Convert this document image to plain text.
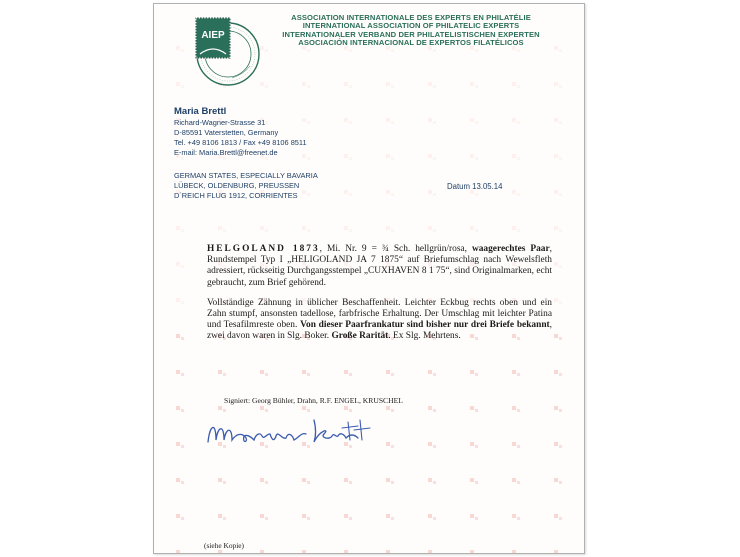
AIEP
ASSOCIATION INTERNATIONALE DES EXPERTS EN PHILATÉLIE
INTERNATIONAL ASSOCIATION OF PHILATELIC EXPERTS
INTERNATIONALER VERBAND DER PHILATELISTISCHEN EXPERTEN
ASOCIACIÓN INTERNACIONAL DE EXPERTOS FILATÉLICOS
Maria Brettl
Richard-Wagner-Strasse 31
D-85591 Vaterstetten, Germany
Tel. +49 8106 1813 / Fax +49 8106 8511
E-mail: Maria.Brettl@freenet.de
GERMAN STATES, ESPECIALLY BAVARIA
LÜBECK, OLDENBURG, PREUSSEN
D´REICH FLUG 1912, CORRIENTES
Datum 13.05.14

HELGOLAND 1873, Mi. Nr. 9 = ¾ Sch. hellgrün/rosa, waagerechtes Paar, Rundstempel Typ I „HELIGOLAND JA 7 1875“ auf Briefumschlag nach Wewelsfleth adressiert, rückseitig Durchgangsstempel „CUXHAVEN 8 1 75“, sind Originalmarken, echt gebraucht, zum Brief gehörend.

Vollständige Zähnung in üblicher Beschaffenheit. Leichter Eckbug rechts oben und ein Zahn stumpf, ansonsten tadellose, farbfrische Erhaltung. Der Umschlag mit leichter Patina und Tesafilmreste oben. Von dieser Paarfrankatur sind bisher nur drei Briefe bekannt, zwei davon waren in Slg. Boker. Große Rarität. Ex Slg. Mehrtens.

Signiert: Georg Bühler, Drahn, R.F. ENGEL, KRUSCHEL
(siehe Kopie)
